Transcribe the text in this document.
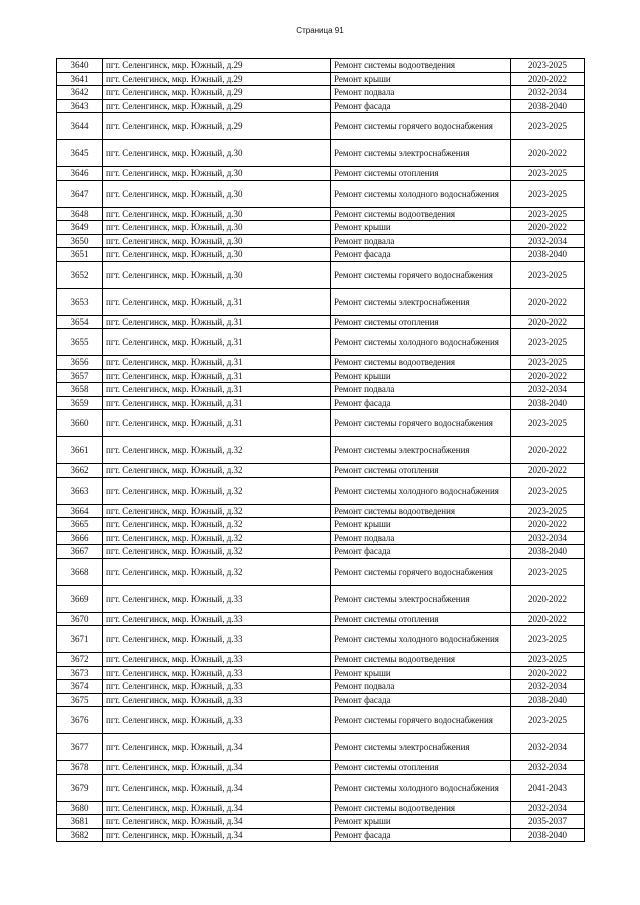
Страница 91
3640	пгт. Селенгинск, мкр. Южный, д.29	Ремонт системы водоотведения	2023-2025
3641	пгт. Селенгинск, мкр. Южный, д.29	Ремонт крыши	2020-2022
3642	пгт. Селенгинск, мкр. Южный, д.29	Ремонт подвала	2032-2034
3643	пгт. Селенгинск, мкр. Южный, д.29	Ремонт фасада	2038-2040
3644	пгт. Селенгинск, мкр. Южный, д.29	Ремонт системы горячего водоснабжения	2023-2025
3645	пгт. Селенгинск, мкр. Южный, д.30	Ремонт системы электроснабжения	2020-2022
3646	пгт. Селенгинск, мкр. Южный, д.30	Ремонт системы отопления	2023-2025
3647	пгт. Селенгинск, мкр. Южный, д.30	Ремонт системы холодного водоснабжения	2023-2025
3648	пгт. Селенгинск, мкр. Южный, д.30	Ремонт системы водоотведения	2023-2025
3649	пгт. Селенгинск, мкр. Южный, д.30	Ремонт крыши	2020-2022
3650	пгт. Селенгинск, мкр. Южный, д.30	Ремонт подвала	2032-2034
3651	пгт. Селенгинск, мкр. Южный, д.30	Ремонт фасада	2038-2040
3652	пгт. Селенгинск, мкр. Южный, д.30	Ремонт системы горячего водоснабжения	2023-2025
3653	пгт. Селенгинск, мкр. Южный, д.31	Ремонт системы электроснабжения	2020-2022
3654	пгт. Селенгинск, мкр. Южный, д.31	Ремонт системы отопления	2020-2022
3655	пгт. Селенгинск, мкр. Южный, д.31	Ремонт системы холодного водоснабжения	2023-2025
3656	пгт. Селенгинск, мкр. Южный, д.31	Ремонт системы водоотведения	2023-2025
3657	пгт. Селенгинск, мкр. Южный, д.31	Ремонт крыши	2020-2022
3658	пгт. Селенгинск, мкр. Южный, д.31	Ремонт подвала	2032-2034
3659	пгт. Селенгинск, мкр. Южный, д.31	Ремонт фасада	2038-2040
3660	пгт. Селенгинск, мкр. Южный, д.31	Ремонт системы горячего водоснабжения	2023-2025
3661	пгт. Селенгинск, мкр. Южный, д.32	Ремонт системы электроснабжения	2020-2022
3662	пгт. Селенгинск, мкр. Южный, д.32	Ремонт системы отопления	2020-2022
3663	пгт. Селенгинск, мкр. Южный, д.32	Ремонт системы холодного водоснабжения	2023-2025
3664	пгт. Селенгинск, мкр. Южный, д.32	Ремонт системы водоотведения	2023-2025
3665	пгт. Селенгинск, мкр. Южный, д.32	Ремонт крыши	2020-2022
3666	пгт. Селенгинск, мкр. Южный, д.32	Ремонт подвала	2032-2034
3667	пгт. Селенгинск, мкр. Южный, д.32	Ремонт фасада	2038-2040
3668	пгт. Селенгинск, мкр. Южный, д.32	Ремонт системы горячего водоснабжения	2023-2025
3669	пгт. Селенгинск, мкр. Южный, д.33	Ремонт системы электроснабжения	2020-2022
3670	пгт. Селенгинск, мкр. Южный, д.33	Ремонт системы отопления	2020-2022
3671	пгт. Селенгинск, мкр. Южный, д.33	Ремонт системы холодного водоснабжения	2023-2025
3672	пгт. Селенгинск, мкр. Южный, д.33	Ремонт системы водоотведения	2023-2025
3673	пгт. Селенгинск, мкр. Южный, д.33	Ремонт крыши	2020-2022
3674	пгт. Селенгинск, мкр. Южный, д.33	Ремонт подвала	2032-2034
3675	пгт. Селенгинск, мкр. Южный, д.33	Ремонт фасада	2038-2040
3676	пгт. Селенгинск, мкр. Южный, д.33	Ремонт системы горячего водоснабжения	2023-2025
3677	пгт. Селенгинск, мкр. Южный, д.34	Ремонт системы электроснабжения	2032-2034
3678	пгт. Селенгинск, мкр. Южный, д.34	Ремонт системы отопления	2032-2034
3679	пгт. Селенгинск, мкр. Южный, д.34	Ремонт системы холодного водоснабжения	2041-2043
3680	пгт. Селенгинск, мкр. Южный, д.34	Ремонт системы водоотведения	2032-2034
3681	пгт. Селенгинск, мкр. Южный, д.34	Ремонт крыши	2035-2037
3682	пгт. Селенгинск, мкр. Южный, д.34	Ремонт фасада	2038-2040
